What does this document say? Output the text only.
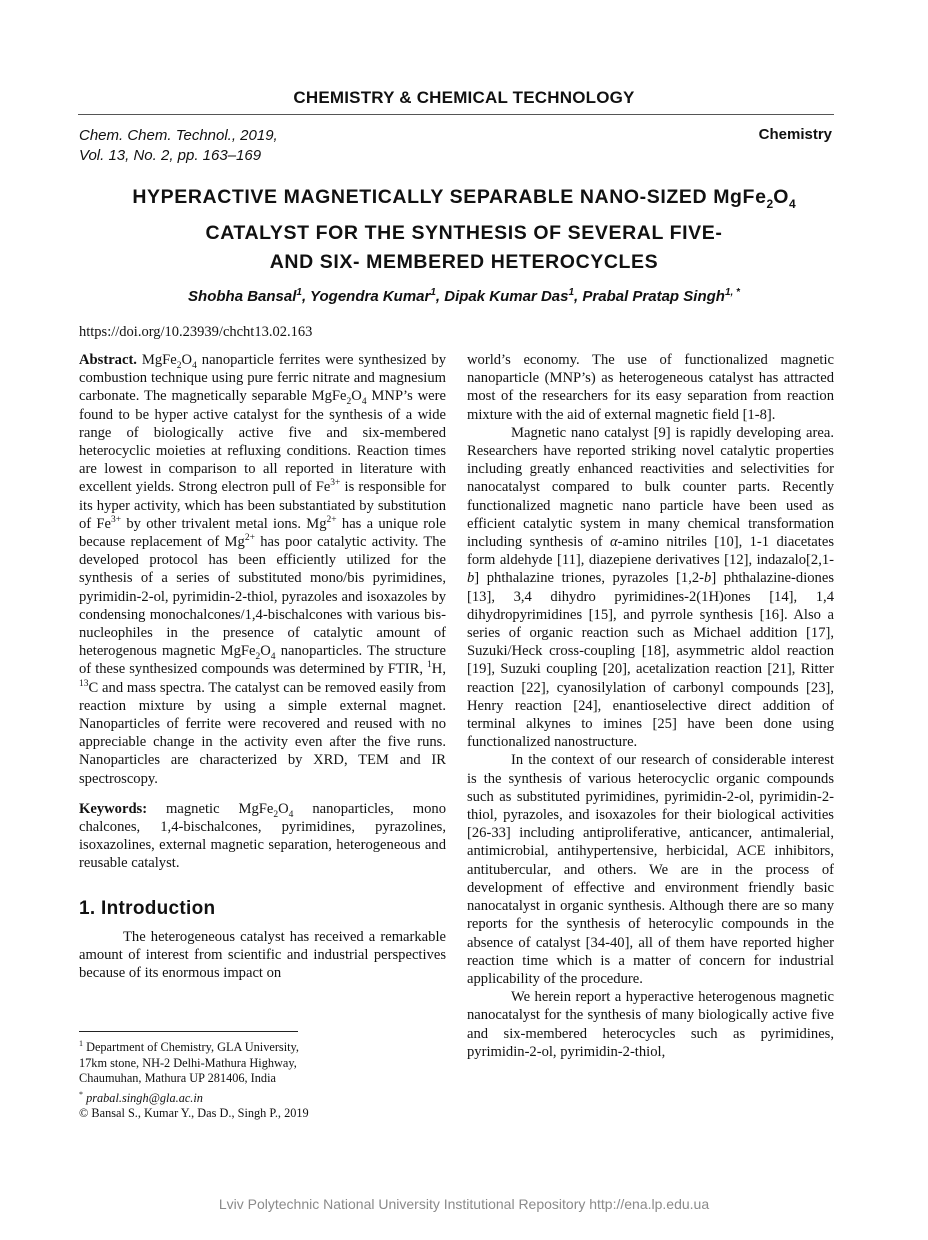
CHEMISTRY & CHEMICAL TECHNOLOGY
Chem. Chem. Technol., 2019,
Vol. 13, No. 2, pp. 163–169
Chemistry
HYPERACTIVE MAGNETICALLY SEPARABLE NANO-SIZED $MgFe_2O_4$
CATALYST FOR THE SYNTHESIS OF SEVERAL FIVE-
AND SIX- MEMBERED HETEROCYCLES
Shobha Bansal$^1$, Yogendra Kumar$^1$, Dipak Kumar Das$^1$, Prabal Pratap Singh$^{1, *}$
https://doi.org/10.23939/chcht13.02.163

Abstract. $MgFe_2O_4$ nanoparticle ferrites were synthesized by combustion technique using pure ferric nitrate and magnesium carbonate. The magnetically separable $MgFe_2O_4$ MNP’s were found to be hyper active catalyst for the synthesis of a wide range of biologically active five and six-membered heterocyclic moieties at refluxing conditions. Reaction times are lowest in comparison to all reported in literature with excellent yields. Strong electron pull of $Fe^{3+}$ is responsible for its hyper activity, which has been substantiated by substitution of $Fe^{3+}$ by other trivalent metal ions. $Mg^{2+}$ has a unique role because replacement of $Mg^{2+}$ has poor catalytic activity. The developed protocol has been efficiently utilized for the synthesis of a series of substituted mono/bis pyrimidines, pyrimidin-2-ol, pyrimidin-2-thiol, pyrazoles and isoxazoles by condensing monochalcones/1,4-bischalcones with various bis-nucleophiles in the presence of catalytic amount of heterogenous magnetic $MgFe_2O_4$ nanoparticles. The structure of these synthesized compounds was determined by FTIR, $^1$H, $^{13}$C and mass spectra. The catalyst can be removed easily from reaction mixture by using a simple external magnet. Nanoparticles of ferrite were recovered and reused with no appreciable change in the activity even after the five runs. Nanoparticles are characterized by XRD, TEM and IR spectroscopy.

Keywords: magnetic $MgFe_2O_4$ nanoparticles, mono chalcones, 1,4-bischalcones, pyrimidines, pyrazolines, isoxazolines, external magnetic separation, heterogeneous and reusable catalyst.

1. Introduction

The heterogeneous catalyst has received a remarkable amount of interest from scientific and industrial perspectives because of its enormous impact on

world’s economy. The use of functionalized magnetic nanoparticle (MNP’s) as heterogeneous catalyst has attracted most of the researchers for its easy separation from reaction mixture with the aid of external magnetic field [1-8].

Magnetic nano catalyst [9] is rapidly developing area. Researchers have reported striking novel catalytic properties including greatly enhanced reactivities and selectivities for nanocatalyst compared to bulk counter parts. Recently functionalized magnetic nano particle have been used as efficient catalytic system in many chemical transformation including synthesis of α-amino nitriles [10], 1-1 diacetates form aldehyde [11], diazepiene derivatives [12], indazalo[2,1-b] phthalazine triones, pyrazoles [1,2-b] phthalazine-diones [13], 3,4 dihydro pyrimidines-2(1H)ones [14], 1,4 dihydropyrimidines [15], and pyrrole synthesis [16]. Also a series of organic reaction such as Michael addition [17], Suzuki/Heck cross-coupling [18], asymmetric aldol reaction [19], Suzuki coupling [20], acetalization reaction [21], Ritter reaction [22], cyanosilylation of carbonyl compounds [23], Henry reaction [24], enantioselective direct addition of terminal alkynes to imines [25] have been done using functionalized nanostructure.

In the context of our research of considerable interest is the synthesis of various heterocyclic organic compounds such as substituted pyrimidines, pyrimidin-2-ol, pyrimidin-2-thiol, pyrazoles, and isoxazoles for their biological activities [26-33] including antiproliferative, anticancer, antimalerial, antimicrobial, antihypertensive, herbicidal, ACE inhibitors, antitubercular, and others. We are in the process of development of effective and environment friendly basic nanocatalyst in organic synthesis. Although there are so many reports for the synthesis of heterocylic compounds in the absence of catalyst [34-40], all of them have reported higher reaction time which is a matter of concern for industrial applicability of the procedure.

We herein report a hyperactive heterogenous magnetic nanocatalyst for the synthesis of many biologically active five and six-membered heterocycles such as pyrimidines, pyrimidin-2-ol, pyrimidin-2-thiol,

$^1$ Department of Chemistry, GLA University,
17km stone, NH-2 Delhi-Mathura Highway,
Chaumuhan, Mathura UP 281406, India
* prabal.singh@gla.ac.in
© Bansal S., Kumar Y., Das D., Singh P., 2019
Lviv Polytechnic National University Institutional Repository http://ena.lp.edu.ua
